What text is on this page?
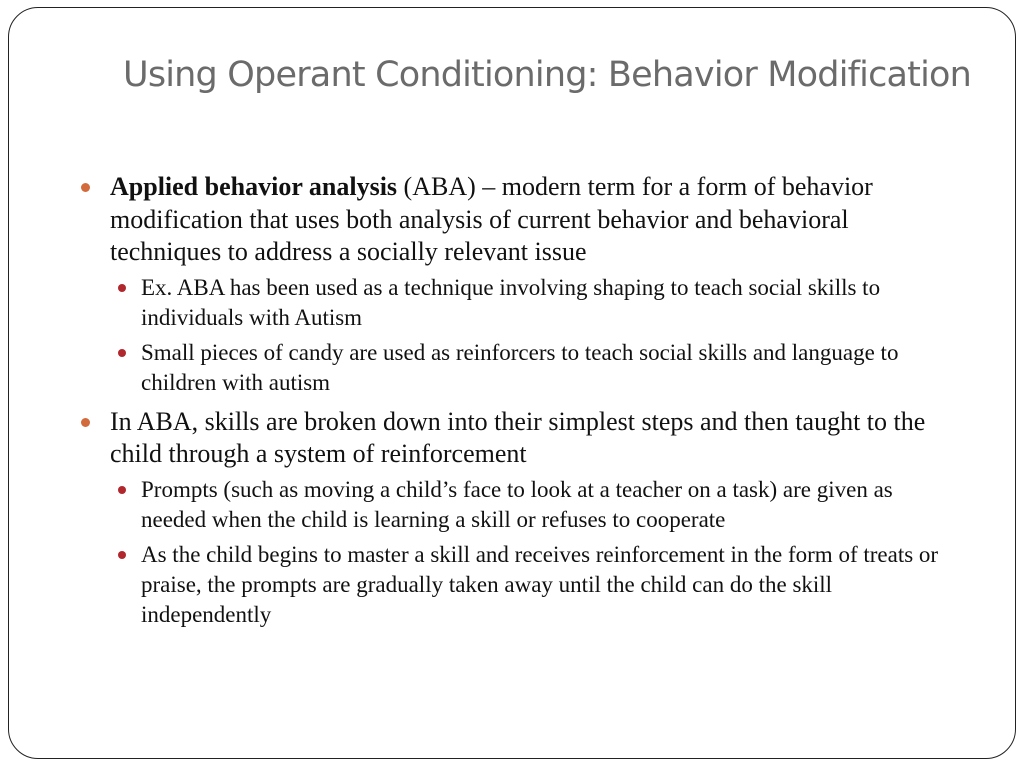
Using Operant Conditioning: Behavior Modification

Applied behavior analysis (ABA) – modern term for a form of behavior modification that uses both analysis of current behavior and behavioral techniques to address a socially relevant issue

Ex. ABA has been used as a technique involving shaping to teach social skills to individuals with Autism

Small pieces of candy are used as reinforcers to teach social skills and language to children with autism

In ABA, skills are broken down into their simplest steps and then taught to the child through a system of reinforcement

Prompts (such as moving a child’s face to look at a teacher on a task) are given as needed when the child is learning a skill or refuses to cooperate

As the child begins to master a skill and receives reinforcement in the form of treats or praise, the prompts are gradually taken away until the child can do the skill independently
